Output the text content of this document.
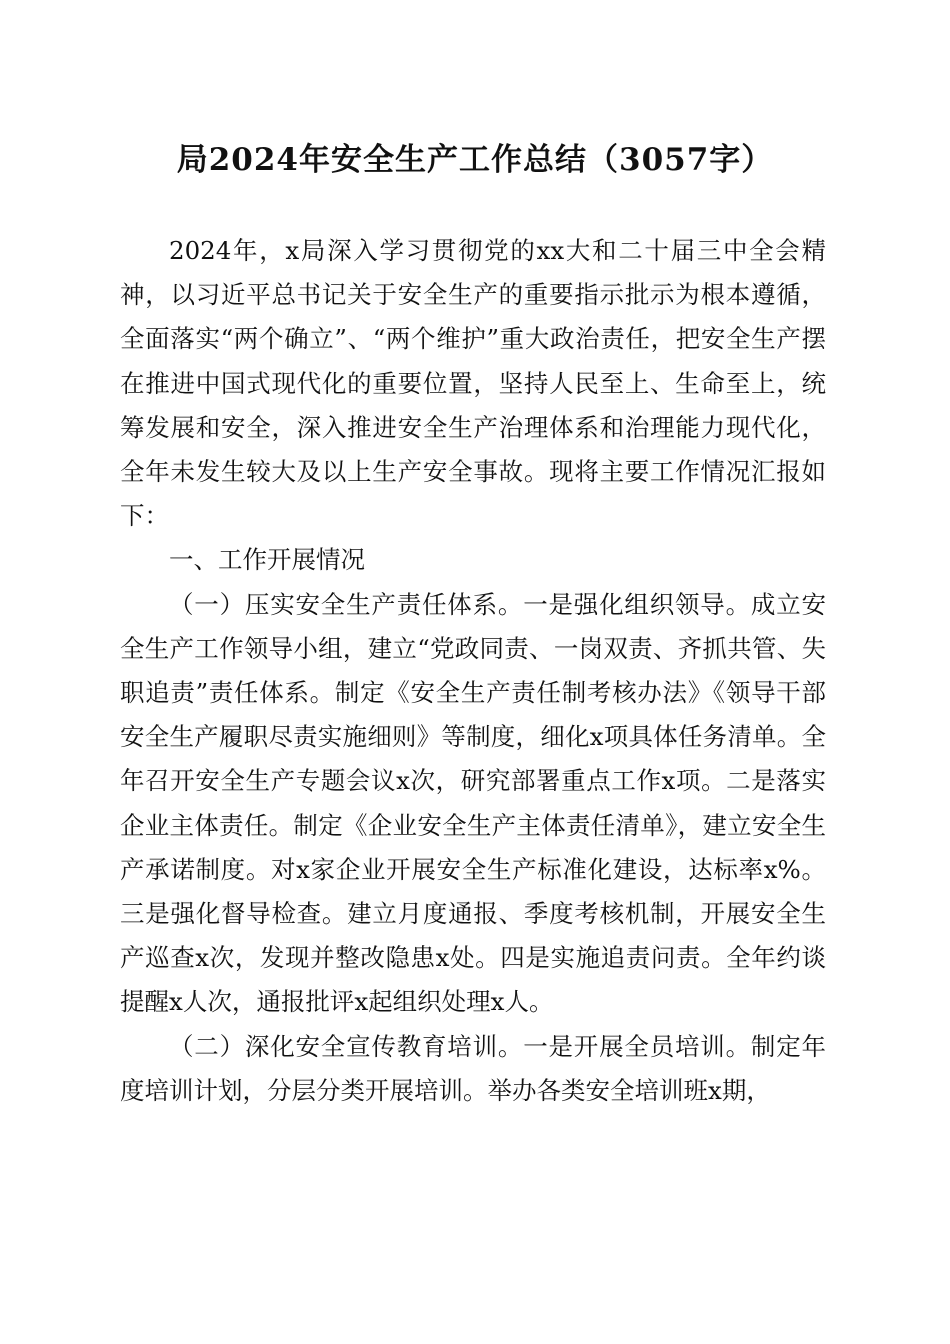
局2024年安全生产工作总结（3057字）

2024年，x局深入学习贯彻党的xx大和二十届三中全会精神，以习近平总书记关于安全生产的重要指示批示为根本遵循，全面落实“两个确立”、“两个维护”重大政治责任，把安全生产摆在推进中国式现代化的重要位置，坚持人民至上、生命至上，统筹发展和安全，深入推进安全生产治理体系和治理能力现代化，全年未发生较大及以上生产安全事故。现将主要工作情况汇报如下：

一、工作开展情况

（一）压实安全生产责任体系。一是强化组织领导。成立安全生产工作领导小组，建立“党政同责、一岗双责、齐抓共管、失职追责”责任体系。制定《安全生产责任制考核办法》《领导干部安全生产履职尽责实施细则》等制度，细化x项具体任务清单。全年召开安全生产专题会议x次，研究部署重点工作x项。二是落实企业主体责任。制定《企业安全生产主体责任清单》，建立安全生产承诺制度。对x家企业开展安全生产标准化建设，达标率x%。三是强化督导检查。建立月度通报、季度考核机制，开展安全生产巡查x次，发现并整改隐患x处。四是实施追责问责。全年约谈提醒x人次，通报批评x起组织处理x人。

（二）深化安全宣传教育培训。一是开展全员培训。制定年度培训计划，分层分类开展培训。举办各类安全培训班x期，
